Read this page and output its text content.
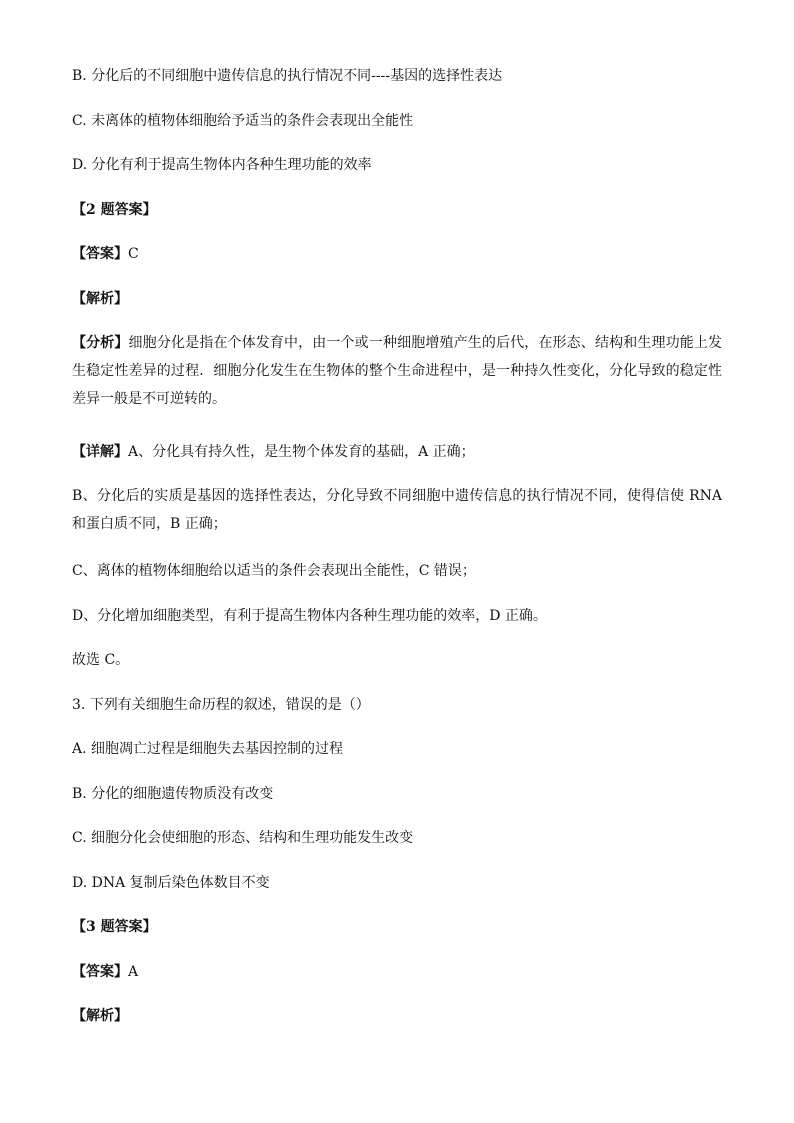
B. 分化后的不同细胞中遗传信息的执行情况不同----基因的选择性表达
C. 未离体的植物体细胞给予适当的条件会表现出全能性
D. 分化有利于提高生物体内各种生理功能的效率
【2 题答案】
【答案】C
【解析】
【分析】细胞分化是指在个体发育中，由一个或一种细胞增殖产生的后代，在形态、结构和生理功能上发生稳定性差异的过程．细胞分化发生在生物体的整个生命进程中，是一种持久性变化，分化导致的稳定性差异一般是不可逆转的。
【详解】A、分化具有持久性，是生物个体发育的基础，A 正确；
B、分化后的实质是基因的选择性表达，分化导致不同细胞中遗传信息的执行情况不同，使得信使 RNA 和蛋白质不同，B 正确；
C、离体的植物体细胞给以适当的条件会表现出全能性，C 错误；
D、分化增加细胞类型，有利于提高生物体内各种生理功能的效率，D 正确。
故选 C。
3. 下列有关细胞生命历程的叙述，错误的是（）
A. 细胞凋亡过程是细胞失去基因控制的过程
B. 分化的细胞遗传物质没有改变
C. 细胞分化会使细胞的形态、结构和生理功能发生改变
D. DNA 复制后染色体数目不变
【3 题答案】
【答案】A
【解析】
